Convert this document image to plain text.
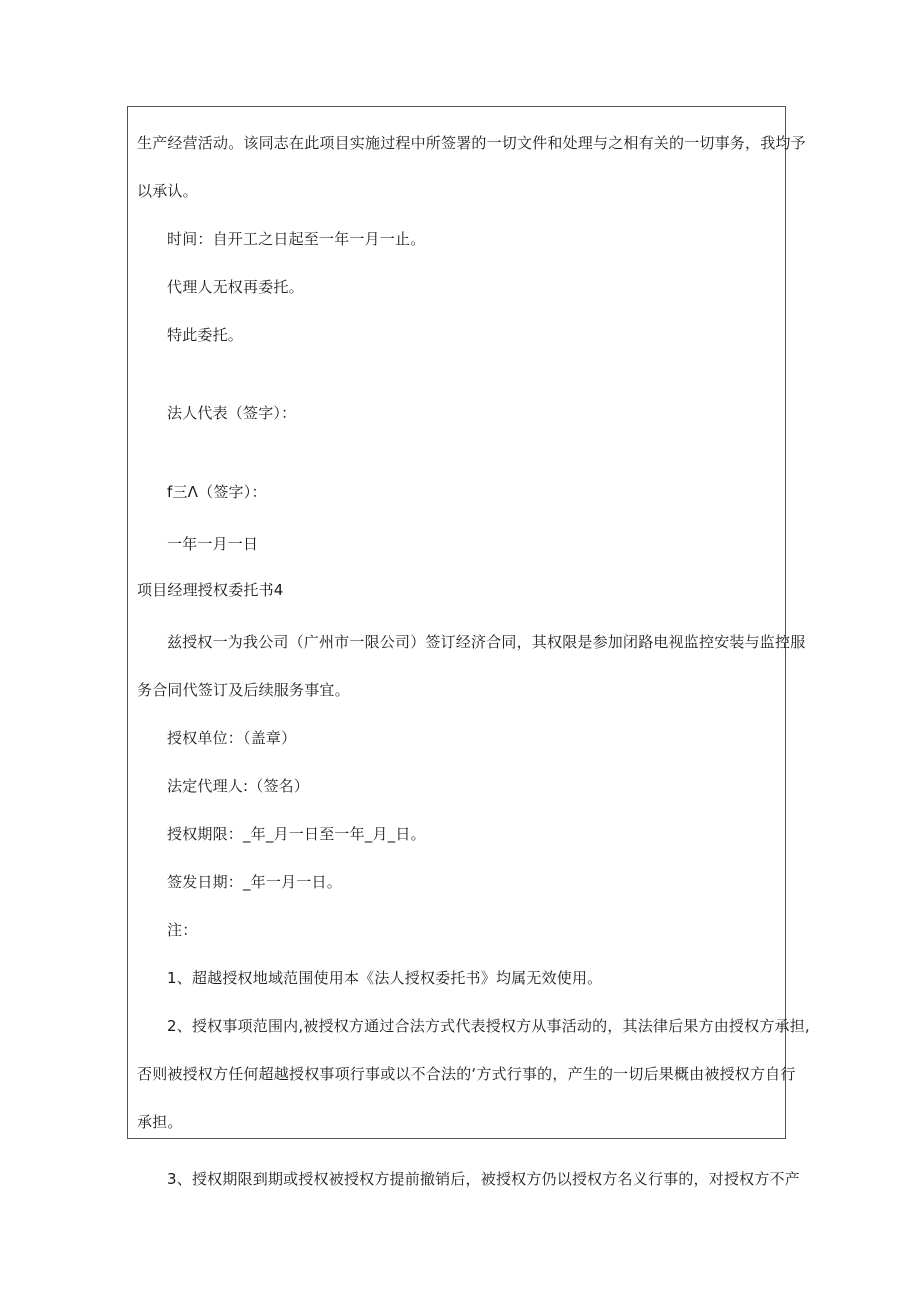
生产经营活动。该同志在此项目实施过程中所签署的一切文件和处理与之相有关的一切事务，我均予
以承认。
时间：自开工之日起至一年一月一止。
代理人无权再委托。
特此委托。
法人代表（签字）：
f三Λ（签字）：
一年一月一日
项目经理授权委托书4
兹授权一为我公司（广州市一限公司）签订经济合同，其权限是参加闭路电视监控安装与监控服
务合同代签订及后续服务事宜。
授权单位：（盖章）
法定代理人:（签名）
授权期限：_年_月一日至一年_月_日。
签发日期：_年一月一日。
注：
1、超越授权地域范围使用本《法人授权委托书》均属无效使用。
2、授权事项范围内,被授权方通过合法方式代表授权方从事活动的，其法律后果方由授权方承担,
否则被授权方任何超越授权事项行事或以不合法的‘方式行事的，产生的一切后果概由被授权方自行
承担。
3、授权期限到期或授权被授权方提前撤销后，被授权方仍以授权方名义行事的，对授权方不产
